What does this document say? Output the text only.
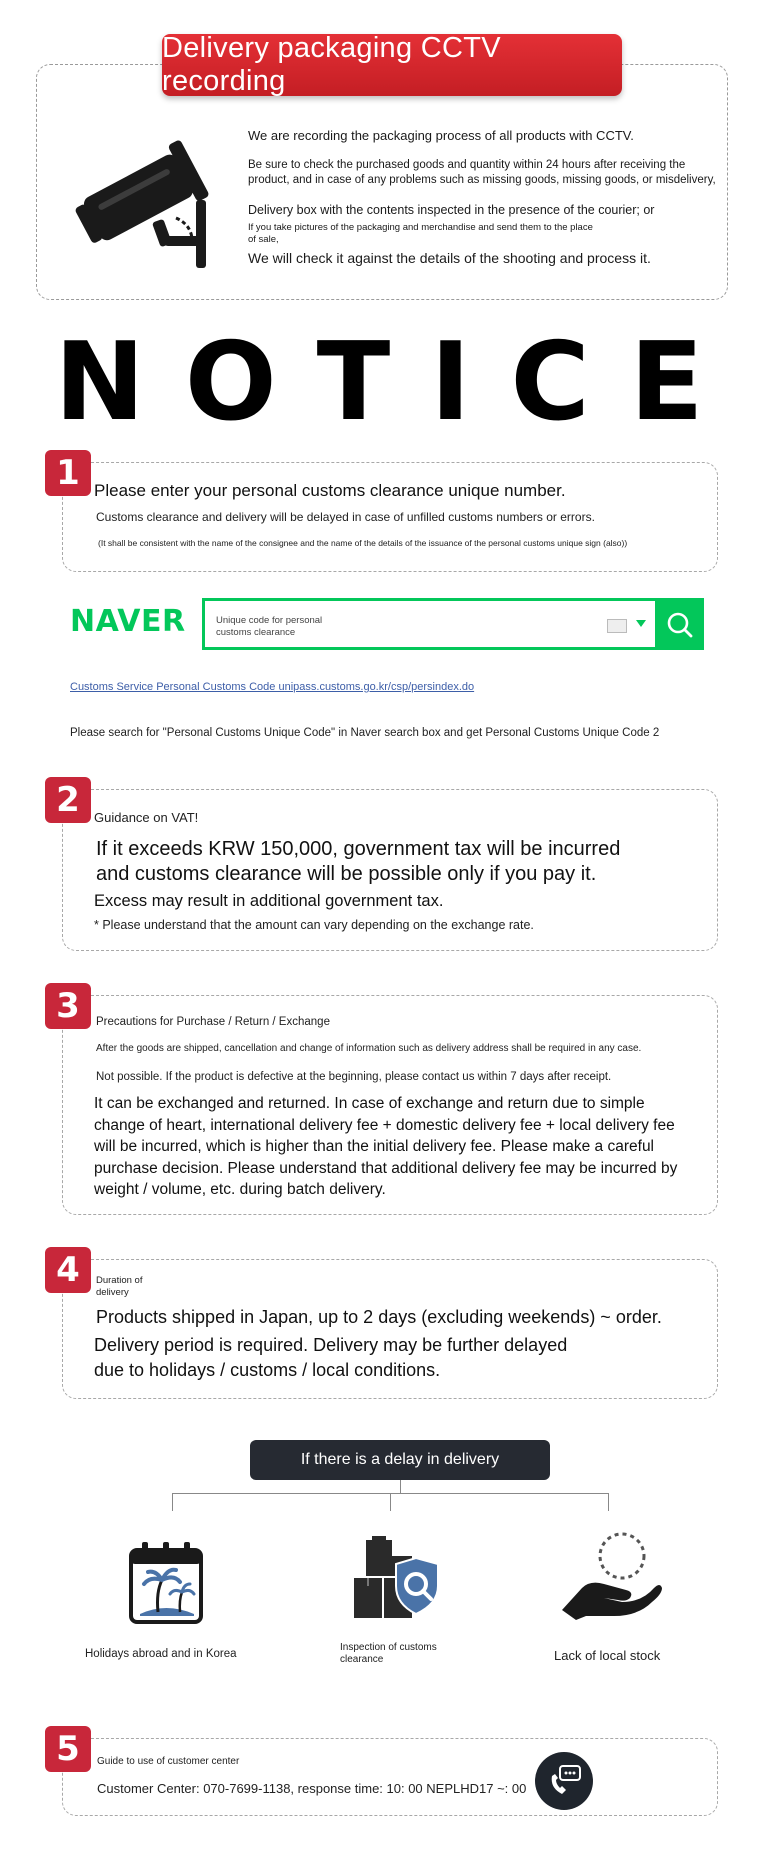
Delivery packaging CCTV recording
We are recording the packaging process of all products with CCTV.
Be sure to check the purchased goods and quantity within 24 hours after receiving the
product, and in case of any problems such as missing goods, missing goods, or misdelivery,
Delivery box with the contents inspected in the presence of the courier; or
If you take pictures of the packaging and merchandise and send them to the place
of sale,
We will check it against the details of the shooting and process it.
NOTICE
1 Please enter your personal customs clearance unique number.
Customs clearance and delivery will be delayed in case of unfilled customs numbers or errors.
(It shall be consistent with the name of the consignee and the name of the details of the issuance of the personal customs unique sign (also))
NAVER	Unique code for personal
customs clearance
Customs Service Personal Customs Code unipass.customs.go.kr/csp/persindex.do
Please search for "Personal Customs Unique Code" in Naver search box and get Personal Customs Unique Code 2
2	Guidance on VAT!
If it exceeds KRW 150,000, government tax will be incurred
and customs clearance will be possible only if you pay it.
Excess may result in additional government tax.
* Please understand that the amount can vary depending on the exchange rate.
3	Precautions for Purchase / Return / Exchange
After the goods are shipped, cancellation and change of information such as delivery address shall be required in any case.
Not possible. If the product is defective at the beginning, please contact us within 7 days after receipt.
It can be exchanged and returned. In case of exchange and return due to simple
change of heart, international delivery fee + domestic delivery fee + local delivery fee
will be incurred, which is higher than the initial delivery fee. Please make a careful
purchase decision. Please understand that additional delivery fee may be incurred by
weight / volume, etc. during batch delivery.
4	Duration of
delivery
Products shipped in Japan, up to 2 days (excluding weekends) ~ order.
Delivery period is required. Delivery may be further delayed
due to holidays / customs / local conditions.
If there is a delay in delivery
Holidays abroad and in Korea
Inspection of customs
clearance	Lack of local stock
5	Guide to use of customer center
Customer Center: 070-7699-1138, response time: 10: 00 NEPLHD17 ~: 00
